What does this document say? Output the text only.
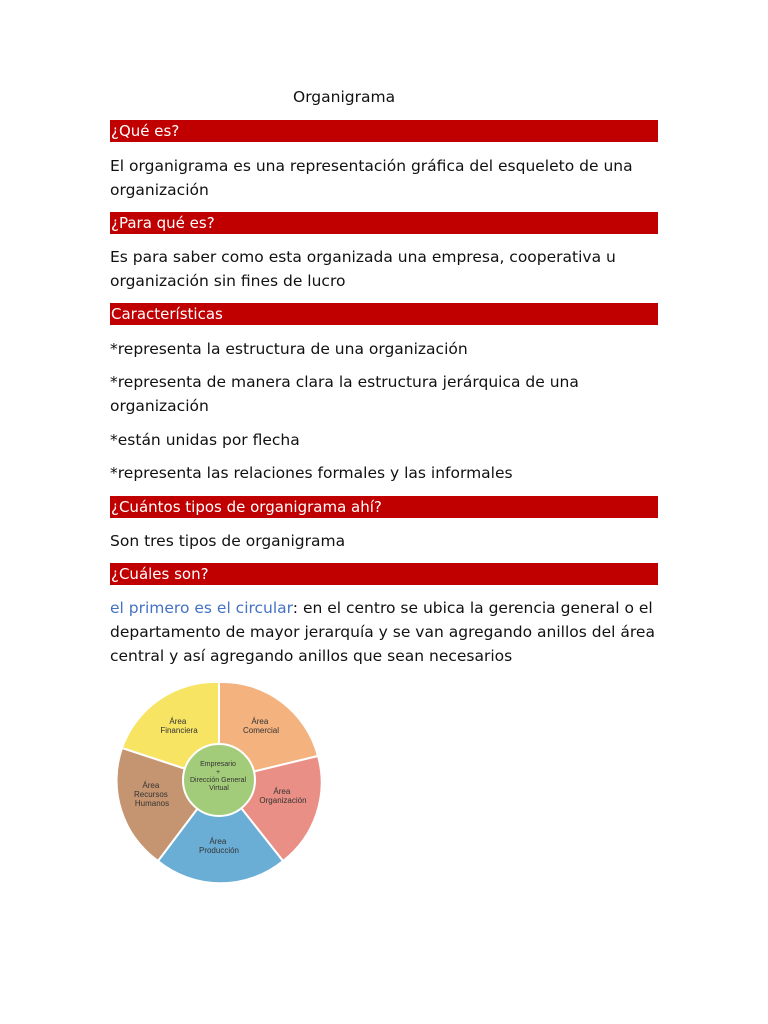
Organigrama
¿Qué es?
El organigrama es una representación gráfica del esqueleto de una organización
¿Para qué es?
Es para saber como esta organizada una empresa, cooperativa u organización sin fines de lucro
Características
*representa la estructura de una organización
*representa de manera clara la estructura jerárquica de una organización
*están unidas por flecha
*representa las relaciones formales y las informales
¿Cuántos tipos de organigrama ahí?
Son tres tipos de organigrama
¿Cuáles son?
el primero es el circular: en el centro se ubica la gerencia general o el departamento de mayor jerarquía y se van agregando anillos del área central y así agregando anillos que sean necesarios
Área Financiera
Área Comercial
Área Organización
Área Producción
Área Recursos Humanos
Empresario + Dirección General Virtual
